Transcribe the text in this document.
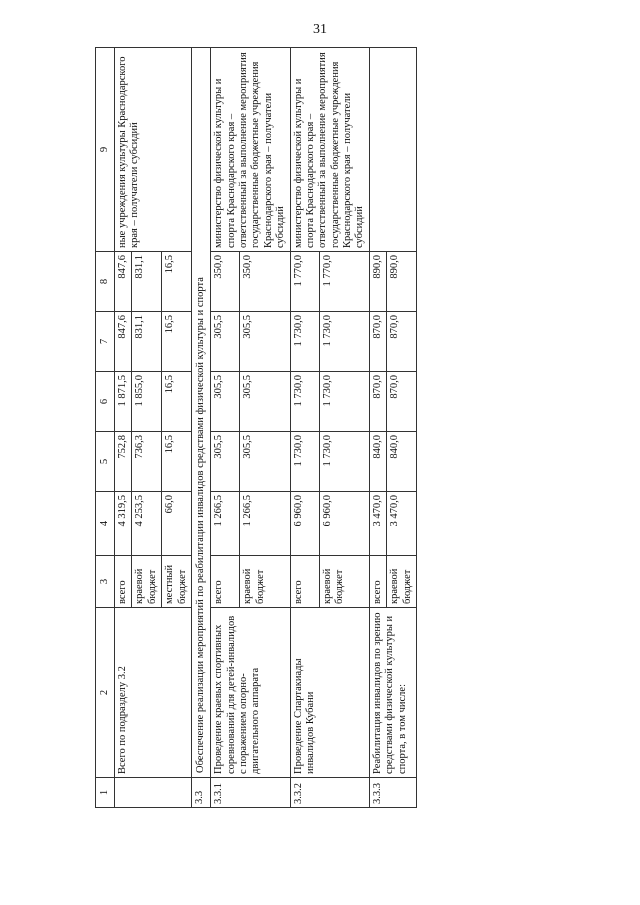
31
1	2	3	4	5	6	7	8	9
	Всего по подразделу 3.2	всего	4 319,5	752,8	1 871,5	847,6	847,6	ные учреждения культуры Краснодарского края – получатели субсидий
		краевой бюджет	4 253,5	736,3	1 855,0	831,1	831,1	
		местный бюджет	66,0	16,5	16,5	16,5	16,5	
3.3	Обеспечение реализации мероприятий по реабилитации инвалидов средствами физической культуры и спорта							
3.3.1	Проведение краевых спортивных соревнований для детей-инвалидов с поражением опорно-двигательного аппарата	всего	1 266,5	305,5	305,5	305,5	350,0	министерство физической культуры и спорта Краснодарского края – ответственный за выполнение мероприятия государственные бюджетные учреждения Краснодарского края – получатели субсидий
		краевой бюджет	1 266,5	305,5	305,5	305,5	350,0	
3.3.2	Проведение Спартакиады инвалидов Кубани	всего	6 960,0	1 730,0	1 730,0	1 730,0	1 770,0	министерство физической культуры и спорта Краснодарского края – ответственный за выполнение мероприятия государственные бюджетные учреждения Краснодарского края – получатели субсидий
		краевой бюджет	6 960,0	1 730,0	1 730,0	1 730,0	1 770,0	
3.3.3	Реабилитация инвалидов по зрению средствами физической культуры и спорта, в том числе:	всего	3 470,0	840,0	870,0	870,0	890,0	
		краевой бюджет	3 470,0	840,0	870,0	870,0	890,0	
